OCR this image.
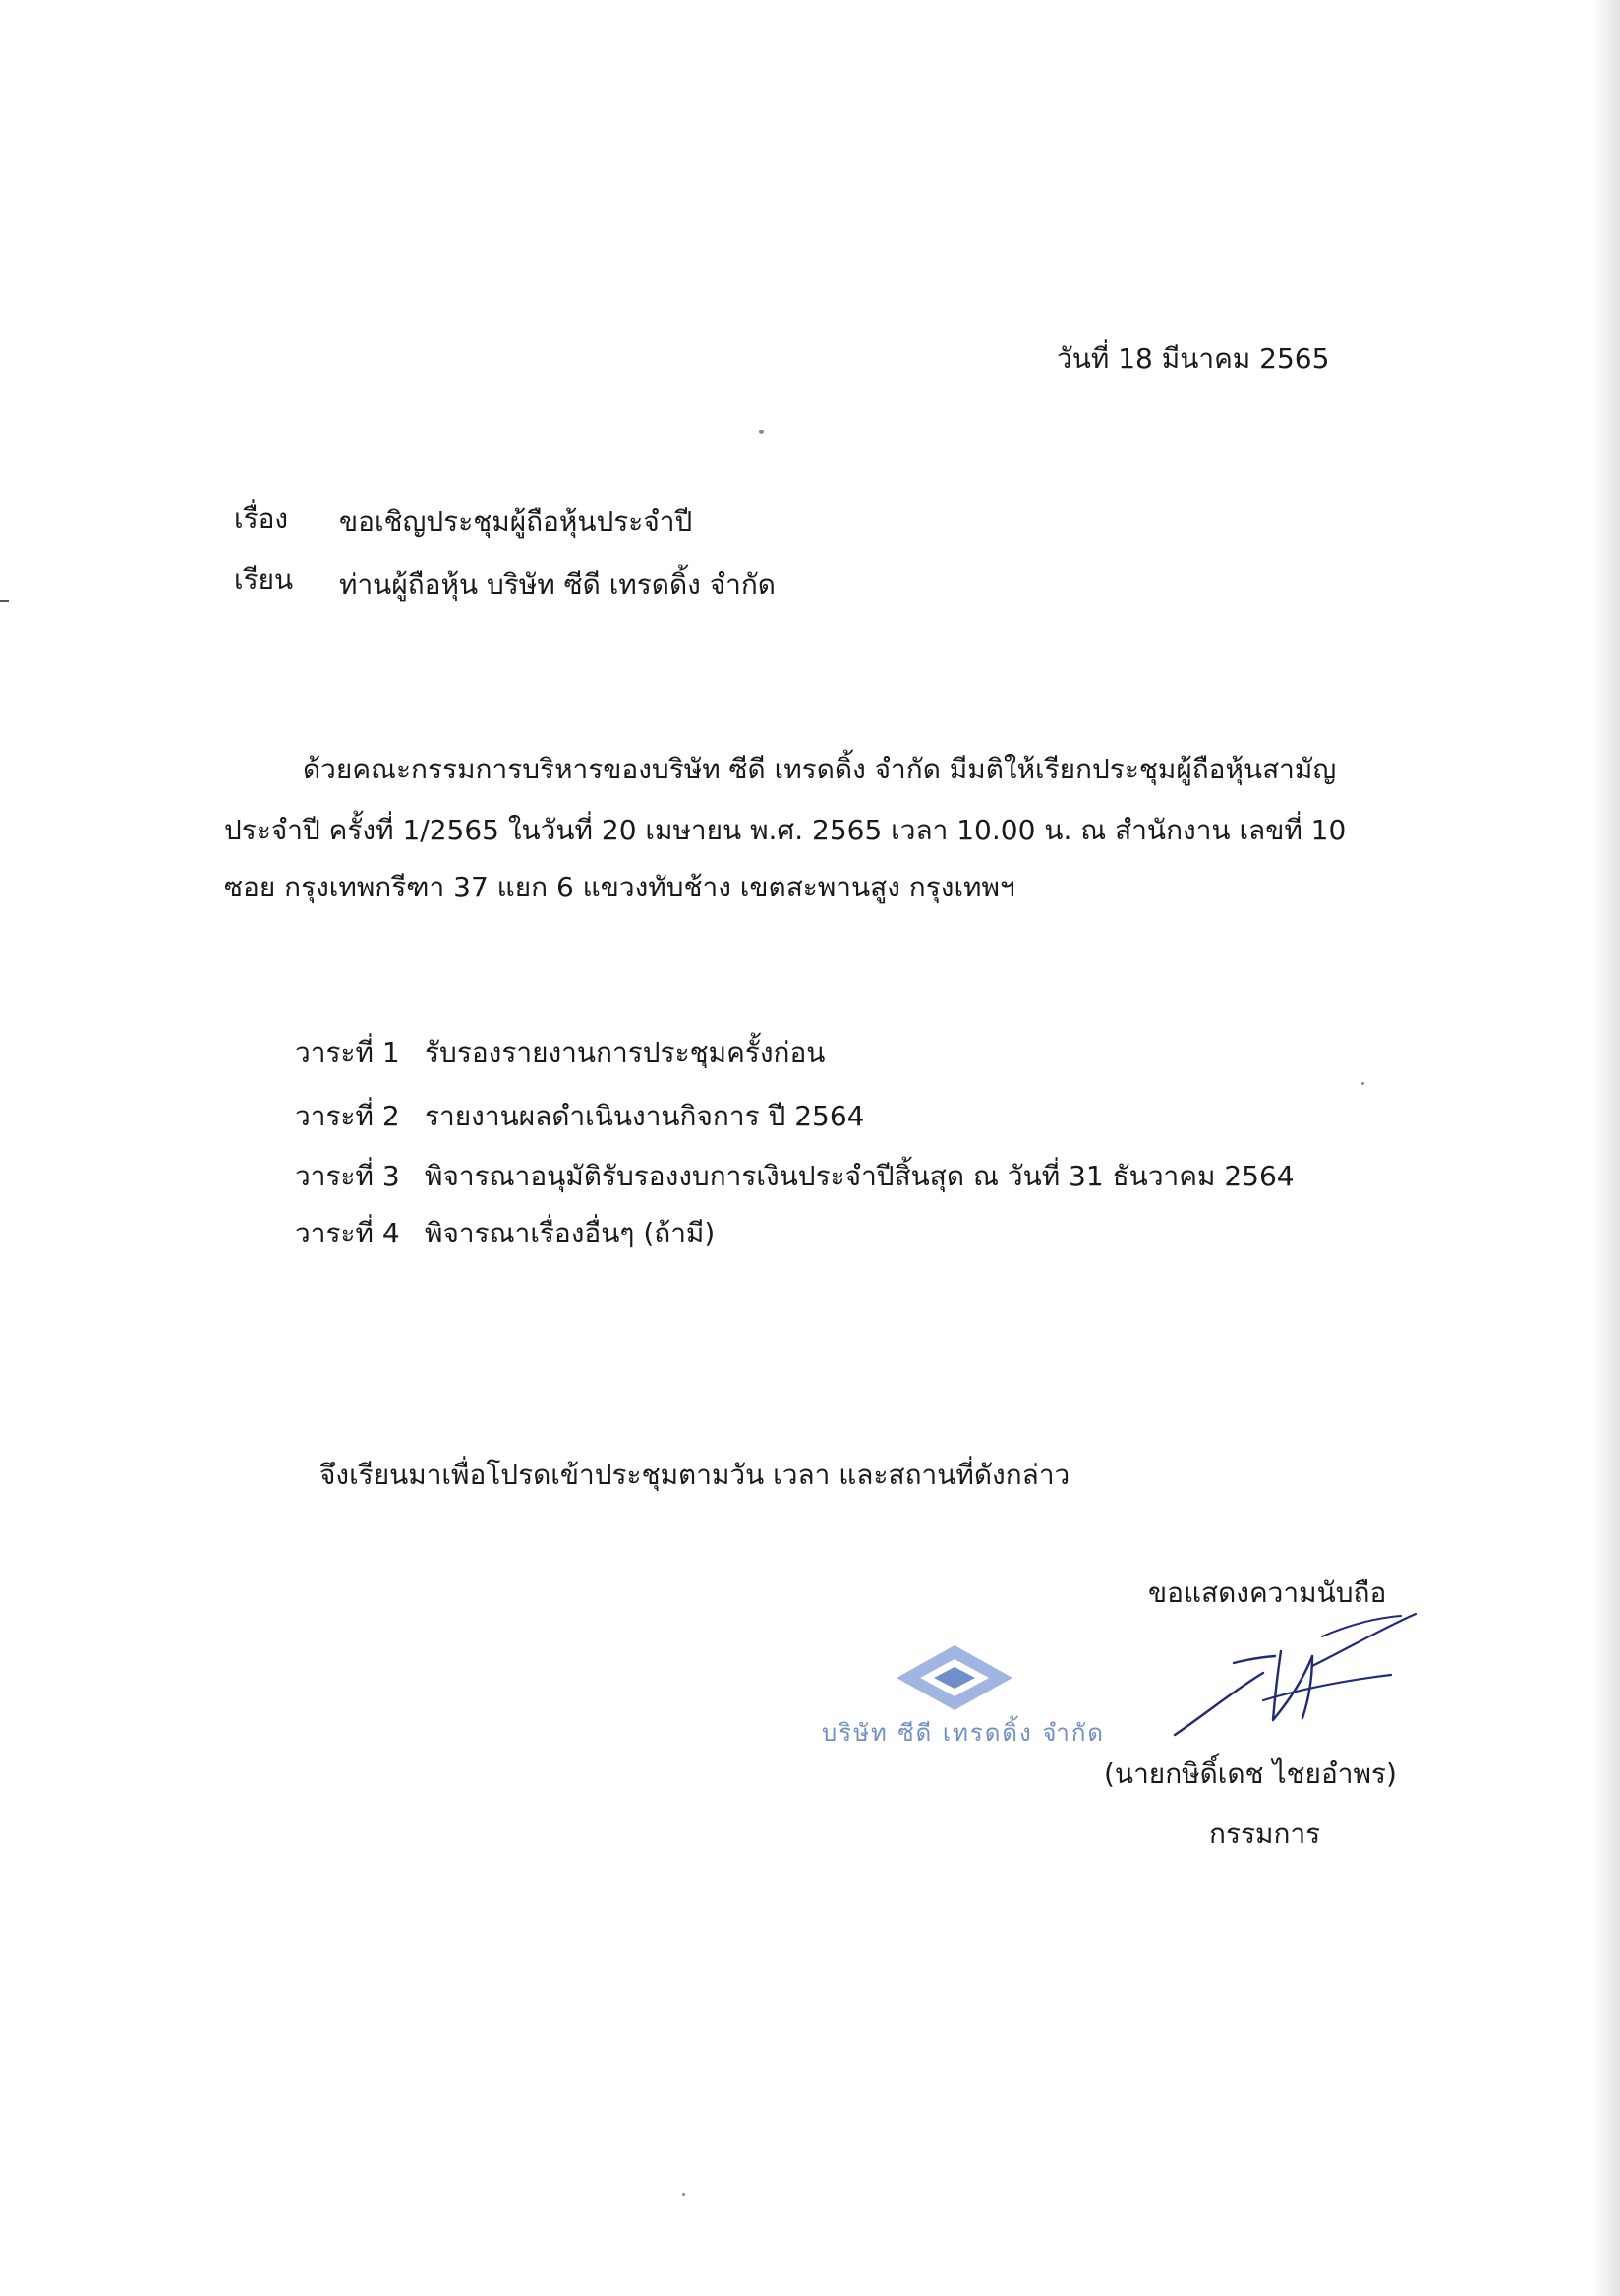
วันที่ 18 มีนาคม 2565
เรื่อง ขอเชิญประชุมผู้ถือหุ้นประจำปี
เรียน ท่านผู้ถือหุ้น บริษัท ซีดี เทรดดิ้ง จำกัด
ด้วยคณะกรรมการบริหารของบริษัท ซีดี เทรดดิ้ง จำกัด มีมติให้เรียกประชุมผู้ถือหุ้นสามัญ
ประจำปี ครั้งที่ 1/2565 ในวันที่ 20 เมษายน พ.ศ. 2565 เวลา 10.00 น. ณ สำนักงาน เลขที่ 10
ซอย กรุงเทพกรีฑา 37 แยก 6 แขวงทับช้าง เขตสะพานสูง กรุงเทพฯ
วาระที่ 1 รับรองรายงานการประชุมครั้งก่อน
วาระที่ 2 รายงานผลดำเนินงานกิจการ ปี 2564
วาระที่ 3 พิจารณาอนุมัติรับรองงบการเงินประจำปีสิ้นสุด ณ วันที่ 31 ธันวาคม 2564
วาระที่ 4 พิจารณาเรื่องอื่นๆ (ถ้ามี)
จึงเรียนมาเพื่อโปรดเข้าประชุมตามวัน เวลา และสถานที่ดังกล่าว
ขอแสดงความนับถือ
บริษัท ซีดี เทรดดิ้ง จำกัด
(นายกษิดิ์เดช ไชยอำพร)
กรรมการ
